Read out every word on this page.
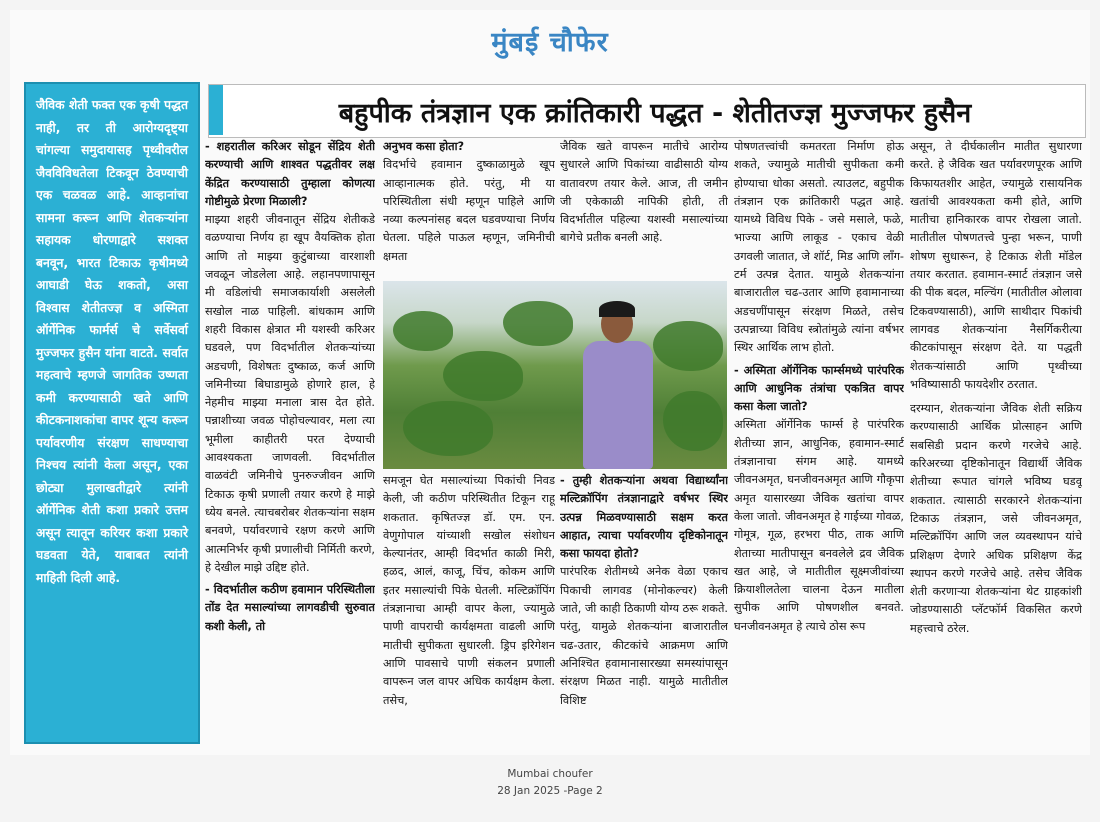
मुंबई चौफेर
जैविक शेती फक्त एक कृषी पद्धत नाही, तर ती आरोग्यदृष्ट्या चांगल्या समुदायासह पृथ्वीवरील जैवविविधतेला टिकवून ठेवण्याची एक चळवळ आहे. आव्हानांचा सामना करून आणि शेतकऱ्यांना सहायक धोरणाद्वारे सशक्त बनवून, भारत टिकाऊ कृषीमध्ये आघाडी घेऊ शकतो, असा विश्वास शेतीतज्ज्ञ व अस्मिता ऑर्गेनिक फार्मर्स चे सर्वेसर्वा मुज्जफर हुसैन यांना वाटते. सर्वात महत्वाचे म्हणजे जागतिक उष्णता कमी करण्यासाठी खते आणि कीटकनाशकांचा वापर शून्य करून पर्यावरणीय संरक्षण साधण्याचा निश्चय त्यांनी केला असून, एका छोट्या मुलाखतीद्वारे त्यांनी ऑर्गेनिक शेती कशा प्रकारे उत्तम असून त्यातून करियर कशा प्रकारे घडवता येते, याबाबत त्यांनी माहिती दिली आहे.
बहुपीक तंत्रज्ञान एक क्रांतिकारी पद्धत - शेतीतज्ज्ञ मुज्जफर हुसैन

- शहरातील करिअर सोडून सेंद्रिय शेती करण्याची आणि शाश्वत पद्धतीवर लक्ष केंद्रित करण्यासाठी तुम्हाला कोणत्या गोष्टीमुळे प्रेरणा मिळाली?

माझ्या शहरी जीवनातून सेंद्रिय शेतीकडे वळण्याचा निर्णय हा खूप वैयक्तिक होता आणि तो माझ्या कुटुंबाच्या वारशाशी जवळून जोडलेला आहे. लहानपणापासून मी वडिलांची समाजकार्याशी असलेली सखोल नाळ पाहिली. बांधकाम आणि शहरी विकास क्षेत्रात मी यशस्वी करिअर घडवले, पण विदर्भातील शेतकऱ्यांच्या अडचणी, विशेषतः दुष्काळ, कर्ज आणि जमिनीच्या बिघाडामुळे होणारे हाल, हे नेहमीच माझ्या मनाला त्रास देत होते. पन्नाशीच्या जवळ पोहोचल्यावर, मला त्या भूमीला काहीतरी परत देण्याची आवश्यकता जाणवली. विदर्भातील वाळवंटी जमिनीचे पुनरुज्जीवन आणि टिकाऊ कृषी प्रणाली तयार करणे हे माझे ध्येय बनले. त्याचबरोबर शेतकऱ्यांना सक्षम बनवणे, पर्यावरणाचे रक्षण करणे आणि आत्मनिर्भर कृषी प्रणालीची निर्मिती करणे, हे देखील माझे उद्दिष्ट होते.

- विदर्भातील कठीण हवामान परिस्थितीला तोंड देत मसाल्यांच्या लागवडीची सुरुवात कशी केली, तो

अनुभव कसा होता?

विदर्भाचे हवामान दुष्काळामुळे खूप आव्हानात्मक होते. परंतु, मी या परिस्थितीला संधी म्हणून पाहिले आणि नव्या कल्पनांसह बदल घडवण्याचा निर्णय घेतला. पहिले पाऊल म्हणून, जमिनीची क्षमता

जैविक खते वापरून मातीचे आरोग्य सुधारले आणि पिकांच्या वाढीसाठी योग्य वातावरण तयार केले. आज, ती जमीन जी एकेकाळी नापिकी होती, ती विदर्भातील पहिल्या यशस्वी मसाल्यांच्या बागेचे प्रतीक बनली आहे.

समजून घेत मसाल्यांच्या पिकांची निवड केली, जी कठीण परिस्थितीत टिकून राहू शकतात. कृषितज्ज्ञ डॉ. एम. एन. वेणुगोपाल यांच्याशी सखोल संशोधन केल्यानंतर, आम्ही विदर्भात काळी मिरी, हळद, आलं, काजू, चिंच, कोकम आणि इतर मसाल्यांची पिके घेतली. मल्टिक्रॉपिंग तंत्रज्ञानाचा आम्ही वापर केला, ज्यामुळे पाणी वापराची कार्यक्षमता वाढली आणि मातीची सुपीकता सुधारली. ड्रिप इरिगेशन आणि पावसाचे पाणी संकलन प्रणाली वापरून जल वापर अधिक कार्यक्षम केला. तसेच,

- तुम्ही शेतकऱ्यांना अथवा विद्यार्थ्यांना मल्टिक्रॉपिंग तंत्रज्ञानाद्वारे वर्षभर स्थिर उत्पन्न मिळवण्यासाठी सक्षम करत आहात, त्याचा पर्यावरणीय दृष्टिकोनातून कसा फायदा होतो?

पारंपरिक शेतीमध्ये अनेक वेळा एकाच पिकाची लागवड (मोनोकल्चर) केली जाते, जी काही ठिकाणी योग्य ठरू शकते. परंतु, यामुळे शेतकऱ्यांना बाजारातील चढ-उतार, कीटकांचे आक्रमण आणि अनिश्चित हवामानासारख्या समस्यांपासून संरक्षण मिळत नाही. यामुळे मातीतील विशिष्ट

पोषणतत्त्वांची कमतरता निर्माण होऊ शकते, ज्यामुळे मातीची सुपीकता कमी होण्याचा धोका असतो. त्याउलट, बहुपीक तंत्रज्ञान एक क्रांतिकारी पद्धत आहे. यामध्ये विविध पिके - जसे मसाले, फळे, भाज्या आणि लाकूड - एकाच वेळी उगवली जातात, जे शॉर्ट, मिड आणि लाँग-टर्म उत्पन्न देतात. यामुळे शेतकऱ्यांना बाजारातील चढ-उतार आणि हवामानाच्या अडचणींपासून संरक्षण मिळते, तसेच उत्पन्नाच्या विविध स्त्रोतांमुळे त्यांना वर्षभर स्थिर आर्थिक लाभ होतो.

- अस्मिता ऑर्गेनिक फार्म्समध्ये पारंपरिक आणि आधुनिक तंत्रांचा एकत्रित वापर कसा केला जातो?

अस्मिता ऑर्गेनिक फार्म्स हे पारंपरिक शेतीच्या ज्ञान, आधुनिक, हवामान-स्मार्ट तंत्रज्ञानाचा संगम आहे. यामध्ये जीवनअमृत, घनजीवनअमृत आणि गौकृपा अमृत यासारख्या जैविक खतांचा वापर केला जातो. जीवनअमृत हे गाईच्या गोवळ, गोमूत्र, गूळ, हरभरा पीठ, ताक आणि शेताच्या मातीपासून बनवलेले द्रव जैविक खत आहे, जे मातीतील सूक्ष्मजीवांच्या क्रियाशीलतेला चालना देऊन मातीला सुपीक आणि पोषणशील बनवते. घनजीवनअमृत हे त्याचे ठोस रूप

असून, ते दीर्घकालीन मातीत सुधारणा करते. हे जैविक खत पर्यावरणपूरक आणि किफायतशीर आहेत, ज्यामुळे रासायनिक खतांची आवश्यकता कमी होते, आणि मातीचा हानिकारक वापर रोखला जातो. मातीतील पोषणतत्त्वे पुन्हा भरून, पाणी शोषण सुधारून, हे टिकाऊ शेती मॉडेल तयार करतात. हवामान-स्मार्ट तंत्रज्ञान जसे की पीक बदल, मल्चिंग (मातीतील ओलावा टिकवण्यासाठी), आणि साथीदार पिकांची लागवड शेतकऱ्यांना नैसर्गिकरीत्या कीटकांपासून संरक्षण देते. या पद्धती शेतकऱ्यांसाठी आणि पृथ्वीच्या भविष्यासाठी फायदेशीर ठरतात.

दरम्यान, शेतकऱ्यांना जैविक शेती सक्रिय करण्यासाठी आर्थिक प्रोत्साहन आणि सबसिडी प्रदान करणे गरजेचे आहे. करिअरच्या दृष्टिकोनातून विद्यार्थी जैविक शेतीच्या रूपात चांगले भविष्य घडवू शकतात. त्यासाठी सरकारने शेतकऱ्यांना टिकाऊ तंत्रज्ञान, जसे जीवनअमृत, मल्टिक्रॉपिंग आणि जल व्यवस्थापन यांचे प्रशिक्षण देणारे अधिक प्रशिक्षण केंद्र स्थापन करणे गरजेचे आहे. तसेच जैविक शेती करणाऱ्या शेतकऱ्यांना थेट ग्राहकांशी जोडण्यासाठी प्लॅटफॉर्म विकसित करणे महत्त्वाचे ठरेल.

Mumbai choufer
28 Jan 2025 -Page 2
